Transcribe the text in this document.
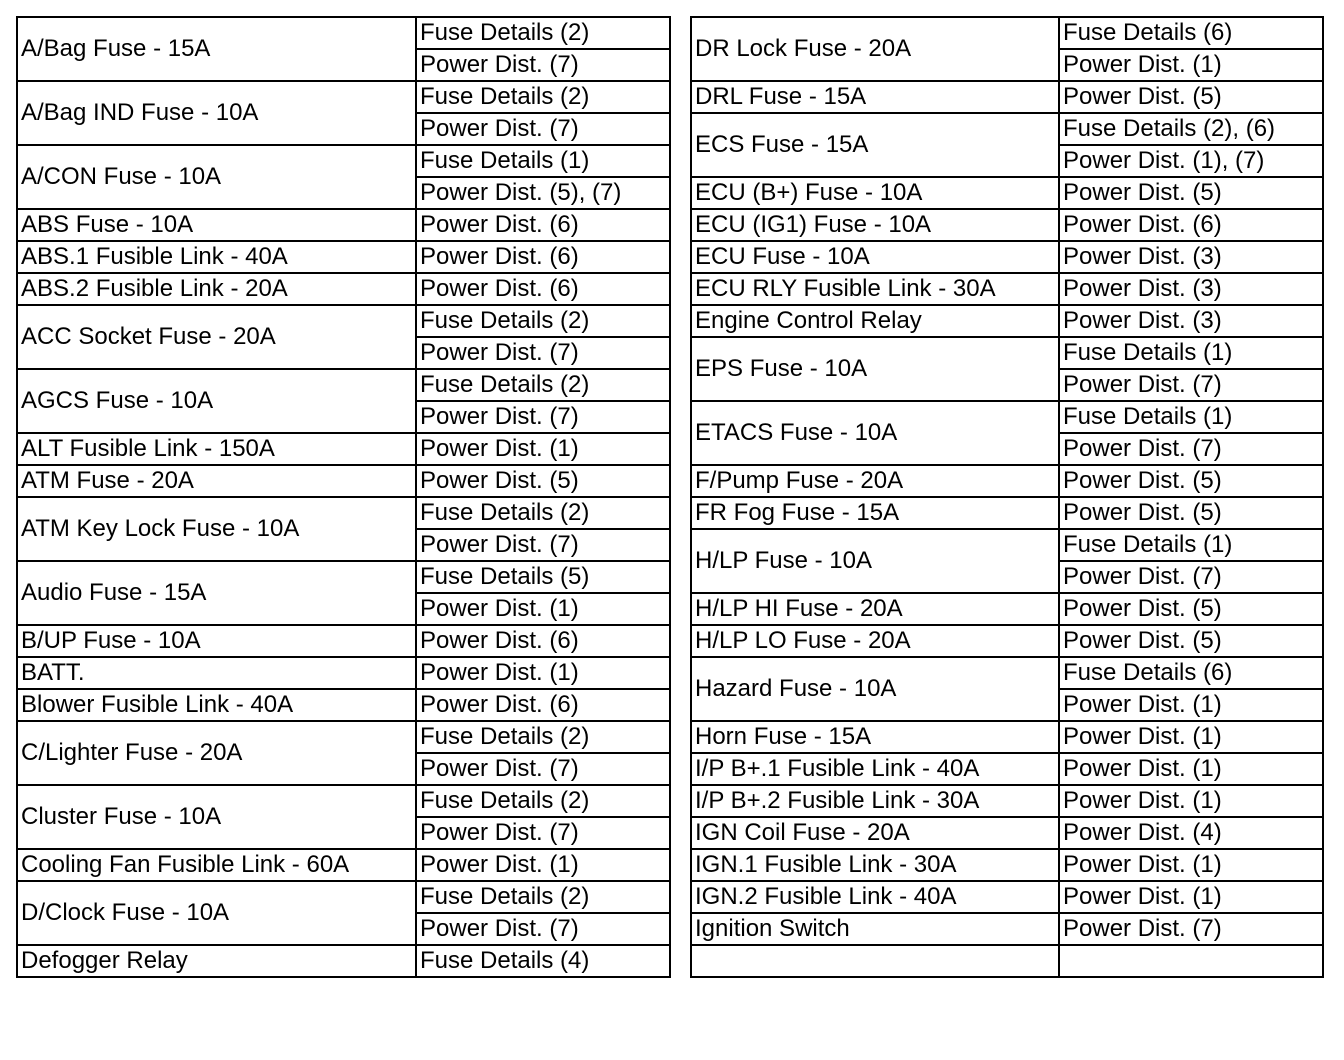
A/Bag Fuse - 15A	Fuse Details (2)
	Power Dist. (7)
A/Bag IND Fuse - 10A	Fuse Details (2)
	Power Dist. (7)
A/CON Fuse - 10A	Fuse Details (1)
	Power Dist. (5), (7)
ABS Fuse - 10A	Power Dist. (6)
ABS.1 Fusible Link - 40A	Power Dist. (6)
ABS.2 Fusible Link - 20A	Power Dist. (6)
ACC Socket Fuse - 20A	Fuse Details (2)
	Power Dist. (7)
AGCS Fuse - 10A	Fuse Details (2)
	Power Dist. (7)
ALT Fusible Link - 150A	Power Dist. (1)
ATM Fuse - 20A	Power Dist. (5)
ATM Key Lock Fuse - 10A	Fuse Details (2)
	Power Dist. (7)
Audio Fuse - 15A	Fuse Details (5)
	Power Dist. (1)
B/UP Fuse - 10A	Power Dist. (6)
BATT.	Power Dist. (1)
Blower Fusible Link - 40A	Power Dist. (6)
C/Lighter Fuse - 20A	Fuse Details (2)
	Power Dist. (7)
Cluster Fuse - 10A	Fuse Details (2)
	Power Dist. (7)
Cooling Fan Fusible Link - 60A	Power Dist. (1)
D/Clock Fuse - 10A	Fuse Details (2)
	Power Dist. (7)
Defogger Relay	Fuse Details (4)
DR Lock Fuse - 20A	Fuse Details (6)
	Power Dist. (1)
DRL Fuse - 15A	Power Dist. (5)
ECS Fuse - 15A	Fuse Details (2), (6)
	Power Dist. (1), (7)
ECU (B+) Fuse - 10A	Power Dist. (5)
ECU (IG1) Fuse - 10A	Power Dist. (6)
ECU Fuse - 10A	Power Dist. (3)
ECU RLY Fusible Link - 30A	Power Dist. (3)
Engine Control Relay	Power Dist. (3)
EPS Fuse - 10A	Fuse Details (1)
	Power Dist. (7)
ETACS Fuse - 10A	Fuse Details (1)
	Power Dist. (7)
F/Pump Fuse - 20A	Power Dist. (5)
FR Fog Fuse - 15A	Power Dist. (5)
H/LP Fuse - 10A	Fuse Details (1)
	Power Dist. (7)
H/LP HI Fuse - 20A	Power Dist. (5)
H/LP LO Fuse - 20A	Power Dist. (5)
Hazard Fuse - 10A	Fuse Details (6)
	Power Dist. (1)
Horn Fuse - 15A	Power Dist. (1)
I/P B+.1 Fusible Link - 40A	Power Dist. (1)
I/P B+.2 Fusible Link - 30A	Power Dist. (1)
IGN Coil Fuse - 20A	Power Dist. (4)
IGN.1 Fusible Link - 30A	Power Dist. (1)
IGN.2 Fusible Link - 40A	Power Dist. (1)
Ignition Switch	Power Dist. (7)
